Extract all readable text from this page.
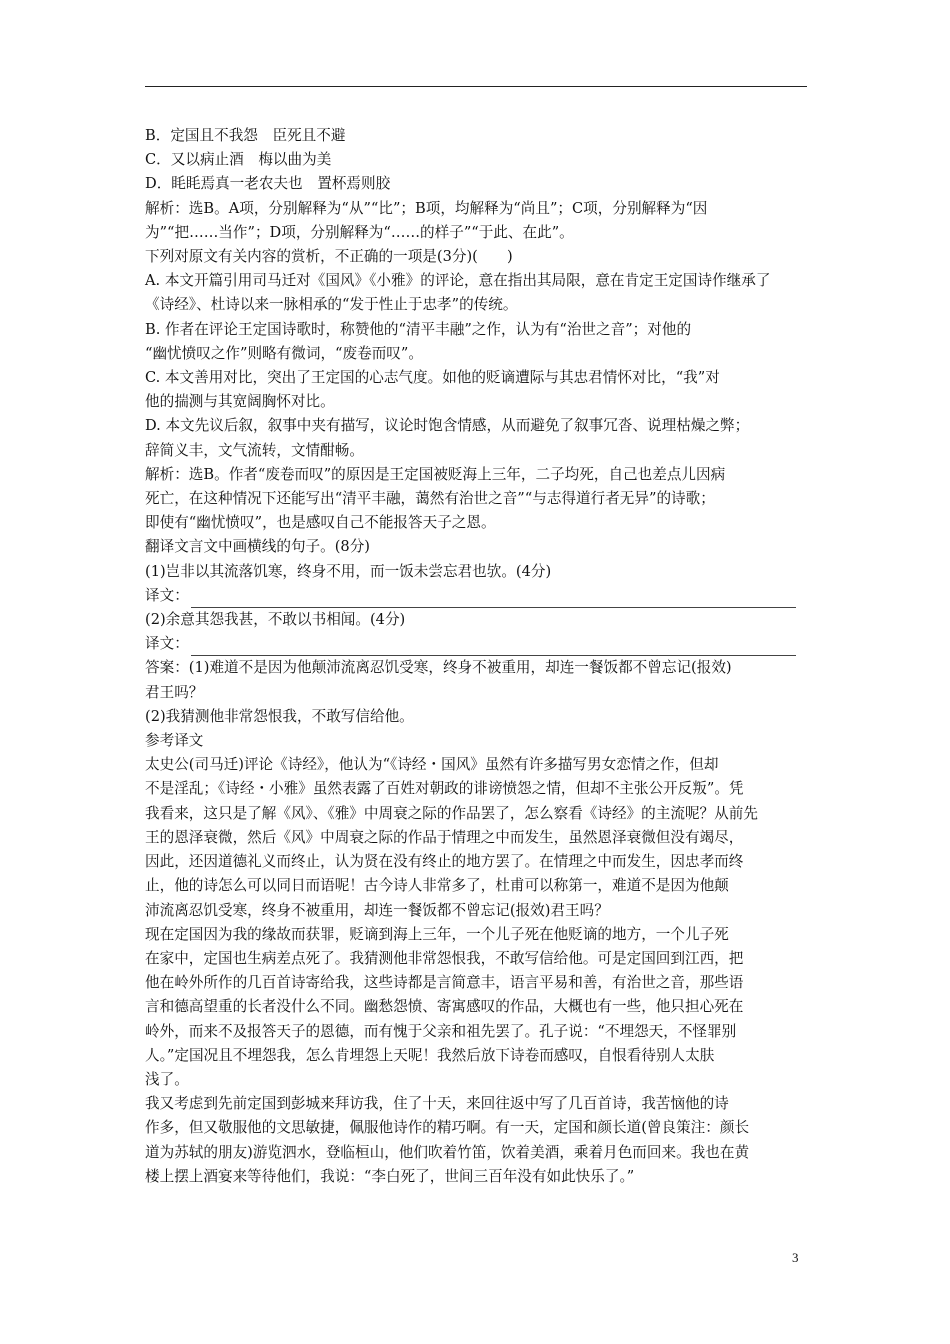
B．定国且不我怨　臣死且不避
C．又以病止酒　梅以曲为美
D．眊眊焉真一老农夫也　置杯焉则胶
解析：选B。A项，分别解释为“从”“比”；B项，均解释为“尚且”；C项，分别解释为“因
为”“把……当作”；D项，分别解释为“……的样子”“于此、在此”。
下列对原文有关内容的赏析，不正确的一项是(3分)(　　)
A. 本文开篇引用司马迁对《国风》《小雅》的评论，意在指出其局限，意在肯定王定国诗作继承了
《诗经》、杜诗以来一脉相承的“发于性止于忠孝”的传统。
B. 作者在评论王定国诗歌时，称赞他的“清平丰融”之作，认为有“治世之音”；对他的
“幽忧愤叹之作”则略有微词，“废卷而叹”。
C. 本文善用对比，突出了王定国的心志气度。如他的贬谪遭际与其忠君情怀对比，“我”对
他的揣测与其宽阔胸怀对比。
D. 本文先议后叙，叙事中夹有描写，议论时饱含情感，从而避免了叙事冗沓、说理枯燥之弊；
辞简义丰，文气流转，文情酣畅。
解析：选B。作者“废卷而叹”的原因是王定国被贬海上三年，二子均死，自己也差点儿因病
死亡，在这种情况下还能写出“清平丰融，蔼然有治世之音”“与志得道行者无异”的诗歌；
即使有“幽忧愤叹”，也是感叹自己不能报答天子之恩。
翻译文言文中画横线的句子。(8分)
(1)岂非以其流落饥寒，终身不用，而一饭未尝忘君也欤。(4分)
译文：
(2)余意其怨我甚，不敢以书相闻。(4分)
译文：
答案：(1)难道不是因为他颠沛流离忍饥受寒，终身不被重用，却连一餐饭都不曾忘记(报效)
君王吗？
(2)我猜测他非常怨恨我，不敢写信给他。
参考译文
太史公(司马迁)评论《诗经》，他认为“《诗经・国风》虽然有许多描写男女恋情之作，但却
不是淫乱；《诗经・小雅》虽然表露了百姓对朝政的诽谤愤怨之情，但却不主张公开反叛”。凭
我看来，这只是了解《风》、《雅》中周衰之际的作品罢了，怎么察看《诗经》的主流呢？从前先
王的恩泽衰微，然后《风》中周衰之际的作品于情理之中而发生，虽然恩泽衰微但没有竭尽，
因此，还因道德礼义而终止，认为贤在没有终止的地方罢了。在情理之中而发生，因忠孝而终
止，他的诗怎么可以同日而语呢！古今诗人非常多了，杜甫可以称第一，难道不是因为他颠
沛流离忍饥受寒，终身不被重用，却连一餐饭都不曾忘记(报效)君王吗？
现在定国因为我的缘故而获罪，贬谪到海上三年，一个儿子死在他贬谪的地方，一个儿子死
在家中，定国也生病差点死了。我猜测他非常怨恨我，不敢写信给他。可是定国回到江西，把
他在岭外所作的几百首诗寄给我，这些诗都是言简意丰，语言平易和善，有治世之音，那些语
言和德高望重的长者没什么不同。幽愁怨愤、寄寓感叹的作品，大概也有一些，他只担心死在
岭外，而来不及报答天子的恩德，而有愧于父亲和祖先罢了。孔子说：“不埋怨天，不怪罪别
人。”定国况且不埋怨我，怎么肯埋怨上天呢！我然后放下诗卷而感叹，自恨看待别人太肤
浅了。
我又考虑到先前定国到彭城来拜访我，住了十天，来回往返中写了几百首诗，我苦恼他的诗
作多，但又敬服他的文思敏捷，佩服他诗作的精巧啊。有一天，定国和颜长道(曾良策注：颜长
道为苏轼的朋友)游览泗水，登临桓山，他们吹着竹笛，饮着美酒，乘着月色而回来。我也在黄
楼上摆上酒宴来等待他们，我说：“李白死了，世间三百年没有如此快乐了。”
3
